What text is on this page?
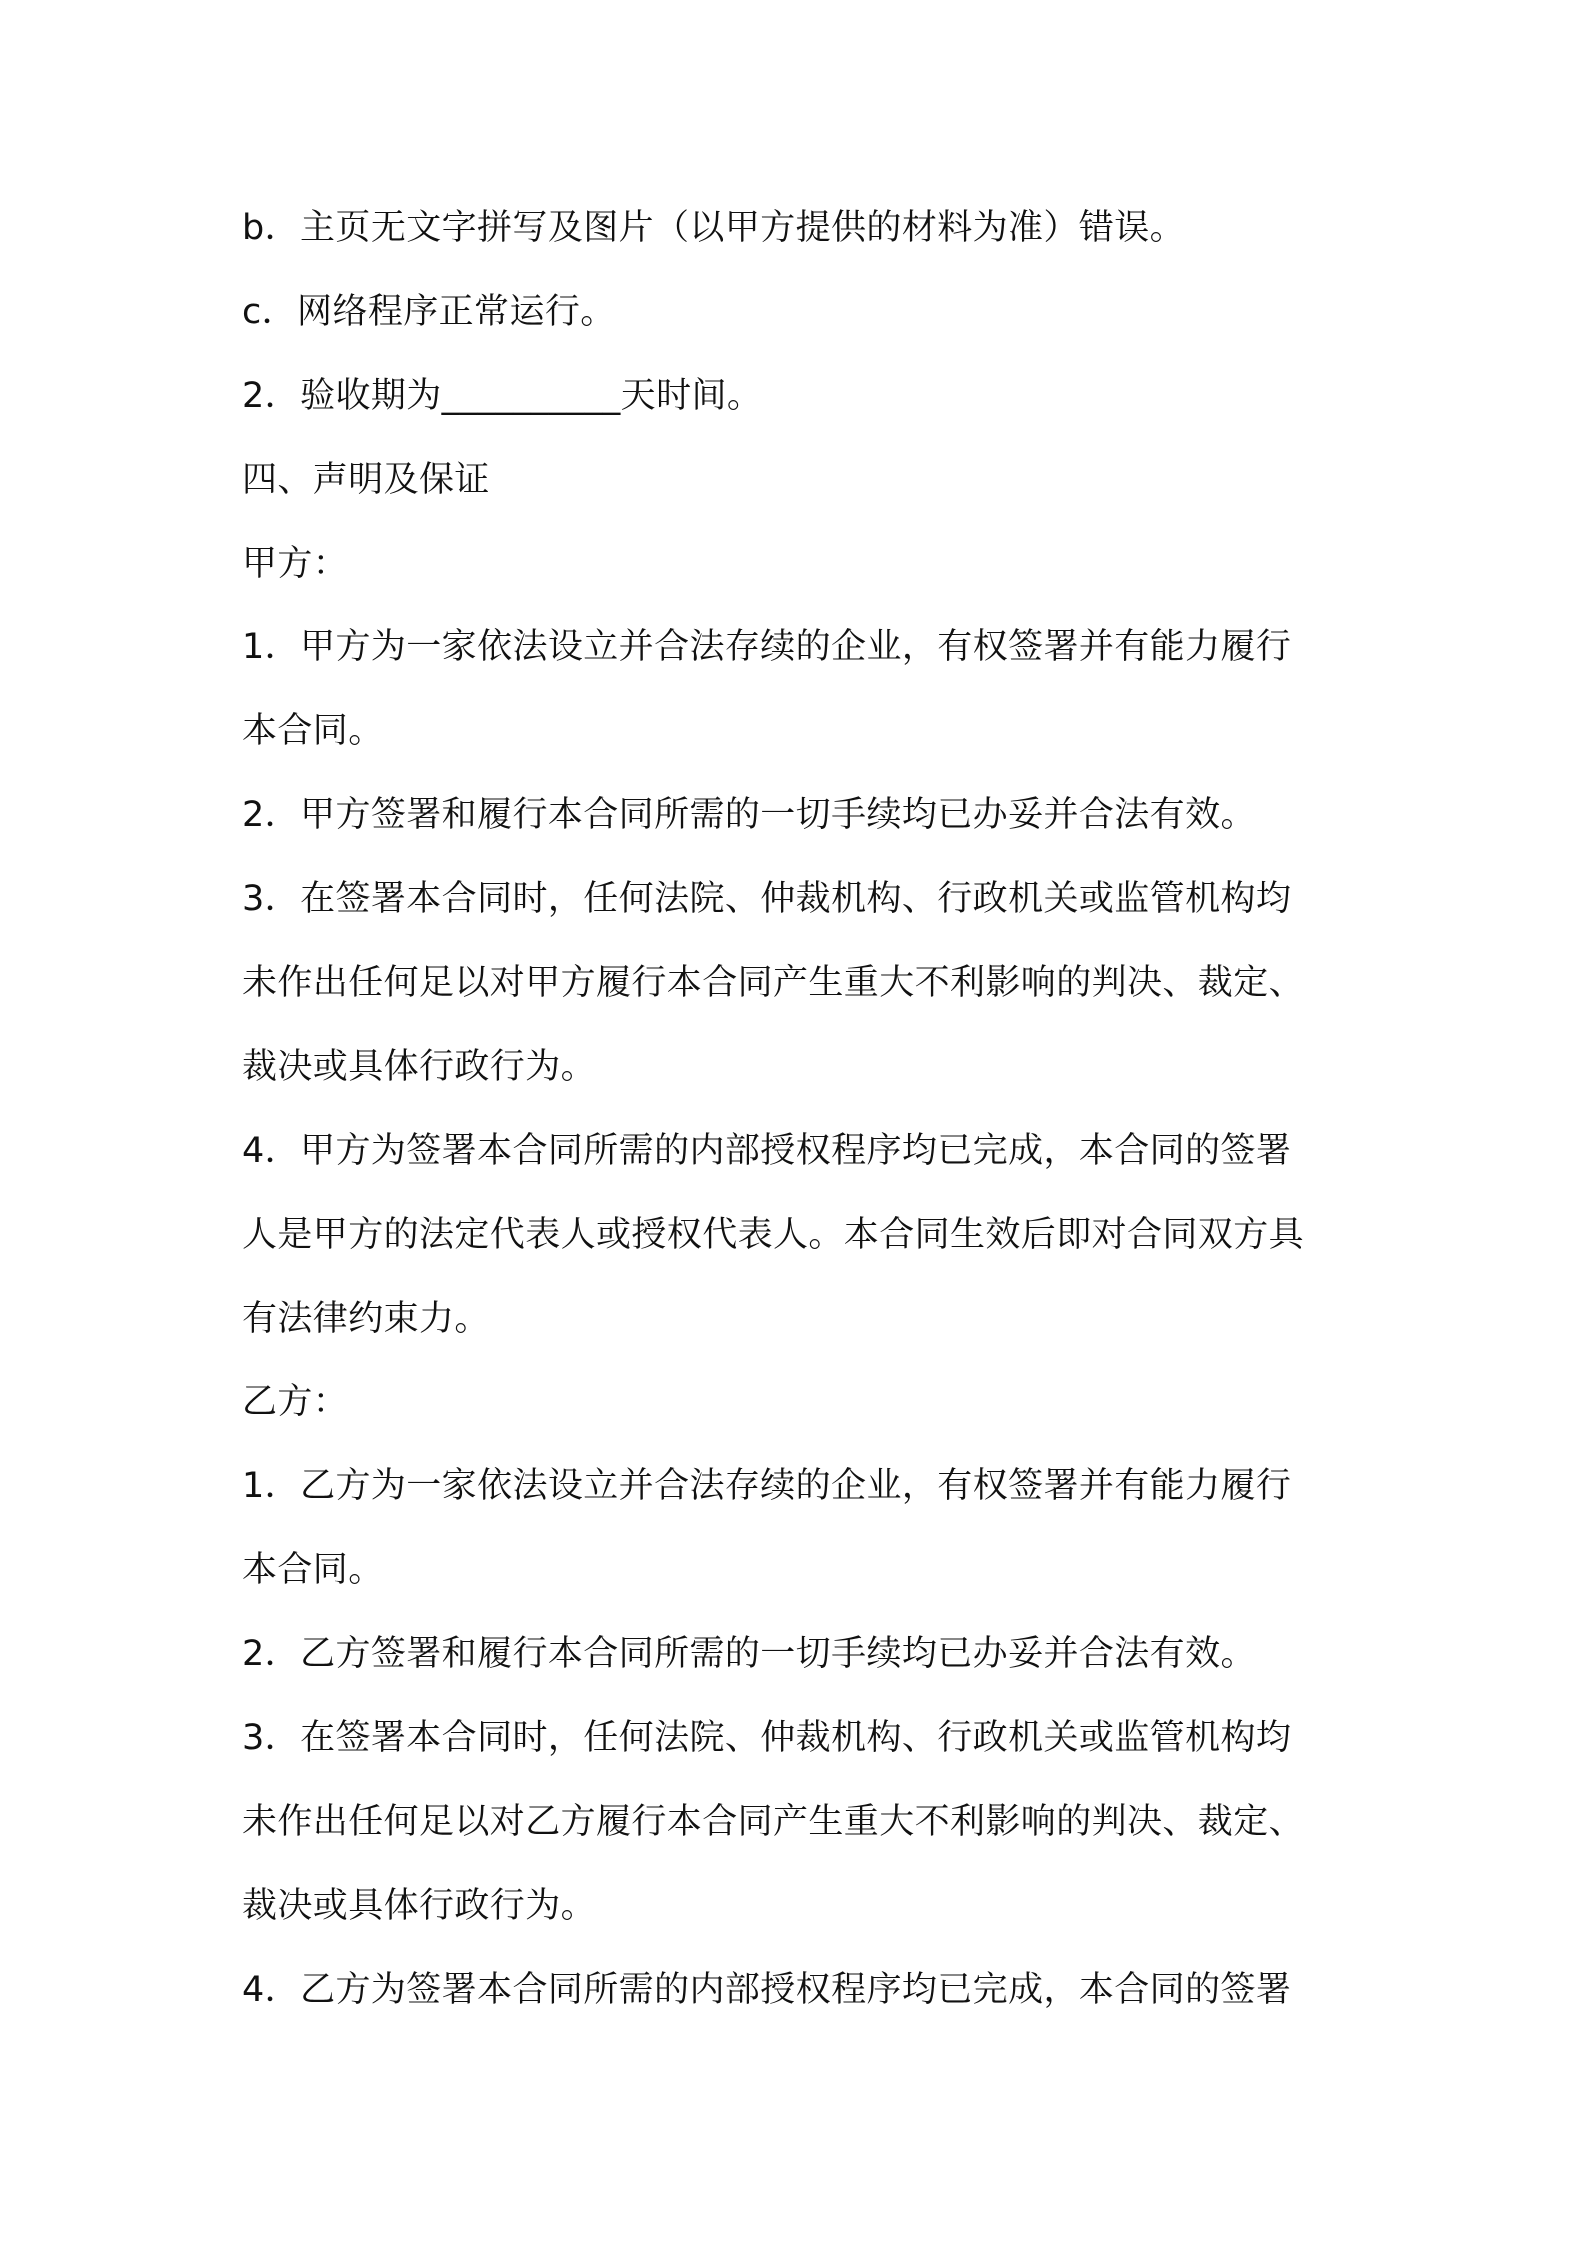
b．主页无文字拼写及图片（以甲方提供的材料为准）错误。
c．网络程序正常运行。
2．验收期为__________天时间。
四、声明及保证
甲方：
1．甲方为一家依法设立并合法存续的企业，有权签署并有能力履行
本合同。
2．甲方签署和履行本合同所需的一切手续均已办妥并合法有效。
3．在签署本合同时，任何法院、仲裁机构、行政机关或监管机构均
未作出任何足以对甲方履行本合同产生重大不利影响的判决、裁定、
裁决或具体行政行为。
4．甲方为签署本合同所需的内部授权程序均已完成，本合同的签署
人是甲方的法定代表人或授权代表人。本合同生效后即对合同双方具
有法律约束力。
乙方：
1．乙方为一家依法设立并合法存续的企业，有权签署并有能力履行
本合同。
2．乙方签署和履行本合同所需的一切手续均已办妥并合法有效。
3．在签署本合同时，任何法院、仲裁机构、行政机关或监管机构均
未作出任何足以对乙方履行本合同产生重大不利影响的判决、裁定、
裁决或具体行政行为。
4．乙方为签署本合同所需的内部授权程序均已完成，本合同的签署
